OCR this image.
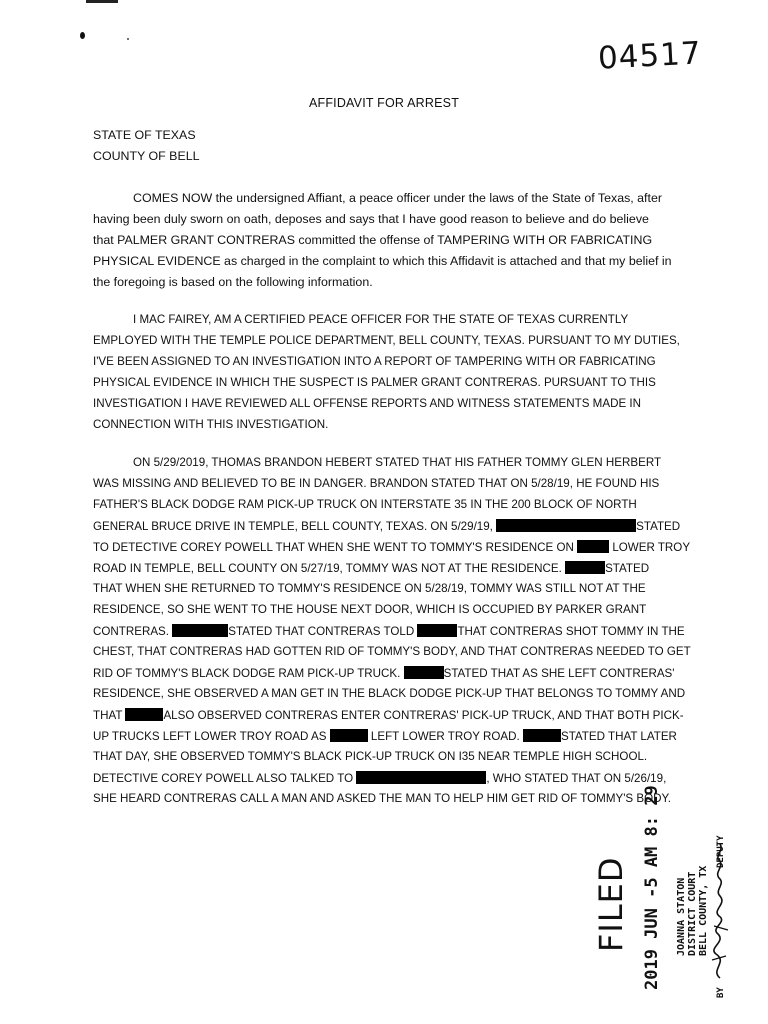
04517
AFFIDAVIT FOR ARREST
STATE OF TEXAS
COUNTY OF BELL
COMES NOW the undersigned Affiant, a peace officer under the laws of the State of Texas, after
having been duly sworn on oath, deposes and says that I have good reason to believe and do believe
that PALMER GRANT CONTRERAS committed the offense of TAMPERING WITH OR FABRICATING
PHYSICAL EVIDENCE as charged in the complaint to which this Affidavit is attached and that my belief in
the foregoing is based on the following information.
I MAC FAIREY, AM A CERTIFIED PEACE OFFICER FOR THE STATE OF TEXAS CURRENTLY
EMPLOYED WITH THE TEMPLE POLICE DEPARTMENT, BELL COUNTY, TEXAS. PURSUANT TO MY DUTIES,
I'VE BEEN ASSIGNED TO AN INVESTIGATION INTO A REPORT OF TAMPERING WITH OR FABRICATING
PHYSICAL EVIDENCE IN WHICH THE SUSPECT IS PALMER GRANT CONTRERAS. PURSUANT TO THIS
INVESTIGATION I HAVE REVIEWED ALL OFFENSE REPORTS AND WITNESS STATEMENTS MADE IN
CONNECTION WITH THIS INVESTIGATION.
ON 5/29/2019, THOMAS BRANDON HEBERT STATED THAT HIS FATHER TOMMY GLEN HERBERT
WAS MISSING AND BELIEVED TO BE IN DANGER. BRANDON STATED THAT ON 5/28/19, HE FOUND HIS
FATHER'S BLACK DODGE RAM PICK-UP TRUCK ON INTERSTATE 35 IN THE 200 BLOCK OF NORTH
GENERAL BRUCE DRIVE IN TEMPLE, BELL COUNTY, TEXAS. ON 5/29/19,	STATED
TO DETECTIVE COREY POWELL THAT WHEN SHE WENT TO TOMMY'S RESIDENCE ON	LOWER TROY
ROAD IN TEMPLE, BELL COUNTY ON 5/27/19, TOMMY WAS NOT AT THE RESIDENCE.	STATED
THAT WHEN SHE RETURNED TO TOMMY'S RESIDENCE ON 5/28/19, TOMMY WAS STILL NOT AT THE
RESIDENCE, SO SHE WENT TO THE HOUSE NEXT DOOR, WHICH IS OCCUPIED BY PARKER GRANT
CONTRERAS.	STATED THAT CONTRERAS TOLD	THAT CONTRERAS SHOT TOMMY IN THE
CHEST, THAT CONTRERAS HAD GOTTEN RID OF TOMMY'S BODY, AND THAT CONTRERAS NEEDED TO GET
RID OF TOMMY'S BLACK DODGE RAM PICK-UP TRUCK.	STATED THAT AS SHE LEFT CONTRERAS'
RESIDENCE, SHE OBSERVED A MAN GET IN THE BLACK DODGE PICK-UP THAT BELONGS TO TOMMY AND
THAT	ALSO OBSERVED CONTRERAS ENTER CONTRERAS' PICK-UP TRUCK, AND THAT BOTH PICK-
UP TRUCKS LEFT LOWER TROY ROAD AS	LEFT LOWER TROY ROAD.	STATED THAT LATER
THAT DAY, SHE OBSERVED TOMMY'S BLACK PICK-UP TRUCK ON I35 NEAR TEMPLE HIGH SCHOOL.
DETECTIVE COREY POWELL ALSO TALKED TO	, WHO STATED THAT ON 5/26/19,
SHE HEARD CONTRERAS CALL A MAN AND ASKED THE MAN TO HELP HIM GET RID OF TOMMY'S BODY.
FILED 2019 JUN -5 AM 8: 29 JOANNA STATON DISTRICT COURT BELL COUNTY, TX
BY
DEPUTY
